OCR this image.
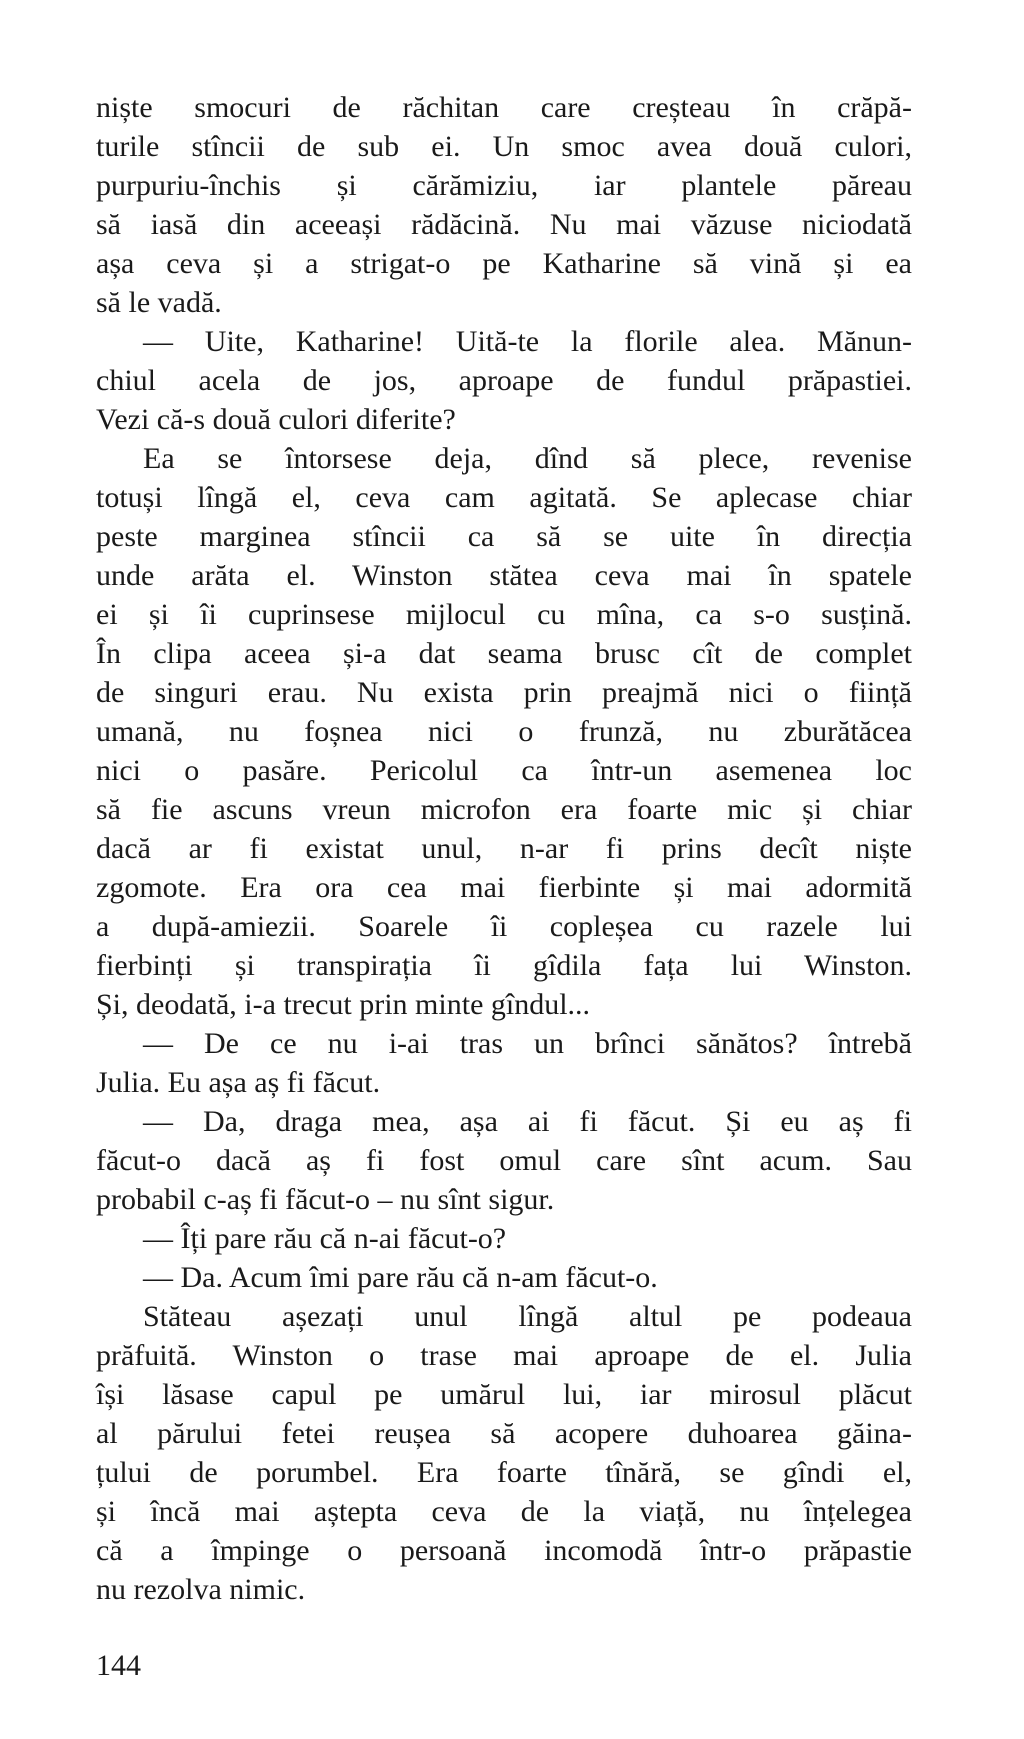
niște smocuri de răchitan care creșteau în crăpă-
turile stîncii de sub ei. Un smoc avea două culori,
purpuriu-închis și cărămiziu, iar plantele păreau
să iasă din aceeași rădăcină. Nu mai văzuse niciodată
așa ceva și a strigat-o pe Katharine să vină și ea
să le vadă.
— Uite, Katharine! Uită-te la florile alea. Mănun-
chiul acela de jos, aproape de fundul prăpastiei.
Vezi că-s două culori diferite?
Ea se întorsese deja, dînd să plece, revenise
totuși lîngă el, ceva cam agitată. Se aplecase chiar
peste marginea stîncii ca să se uite în direcția
unde arăta el. Winston stătea ceva mai în spatele
ei și îi cuprinsese mijlocul cu mîna, ca s-o susțină.
În clipa aceea și-a dat seama brusc cît de complet
de singuri erau. Nu exista prin preajmă nici o ființă
umană, nu foșnea nici o frunză, nu zburătăcea
nici o pasăre. Pericolul ca într-un asemenea loc
să fie ascuns vreun microfon era foarte mic și chiar
dacă ar fi existat unul, n-ar fi prins decît niște
zgomote. Era ora cea mai fierbinte și mai adormită
a după-amiezii. Soarele îi copleșea cu razele lui
fierbinți și transpirația îi gîdila fața lui Winston.
Și, deodată, i-a trecut prin minte gîndul...
— De ce nu i-ai tras un brînci sănătos? întrebă
Julia. Eu așa aș fi făcut.
— Da, draga mea, așa ai fi făcut. Și eu aș fi
făcut-o dacă aș fi fost omul care sînt acum. Sau
probabil c-aș fi făcut-o – nu sînt sigur.
— Îți pare rău că n-ai făcut-o?
— Da. Acum îmi pare rău că n-am făcut-o.
Stăteau așezați unul lîngă altul pe podeaua
prăfuită. Winston o trase mai aproape de el. Julia
își lăsase capul pe umărul lui, iar mirosul plăcut
al părului fetei reușea să acopere duhoarea găina-
țului de porumbel. Era foarte tînără, se gîndi el,
și încă mai aștepta ceva de la viață, nu înțelegea
că a împinge o persoană incomodă într-o prăpastie
nu rezolva nimic.
144
